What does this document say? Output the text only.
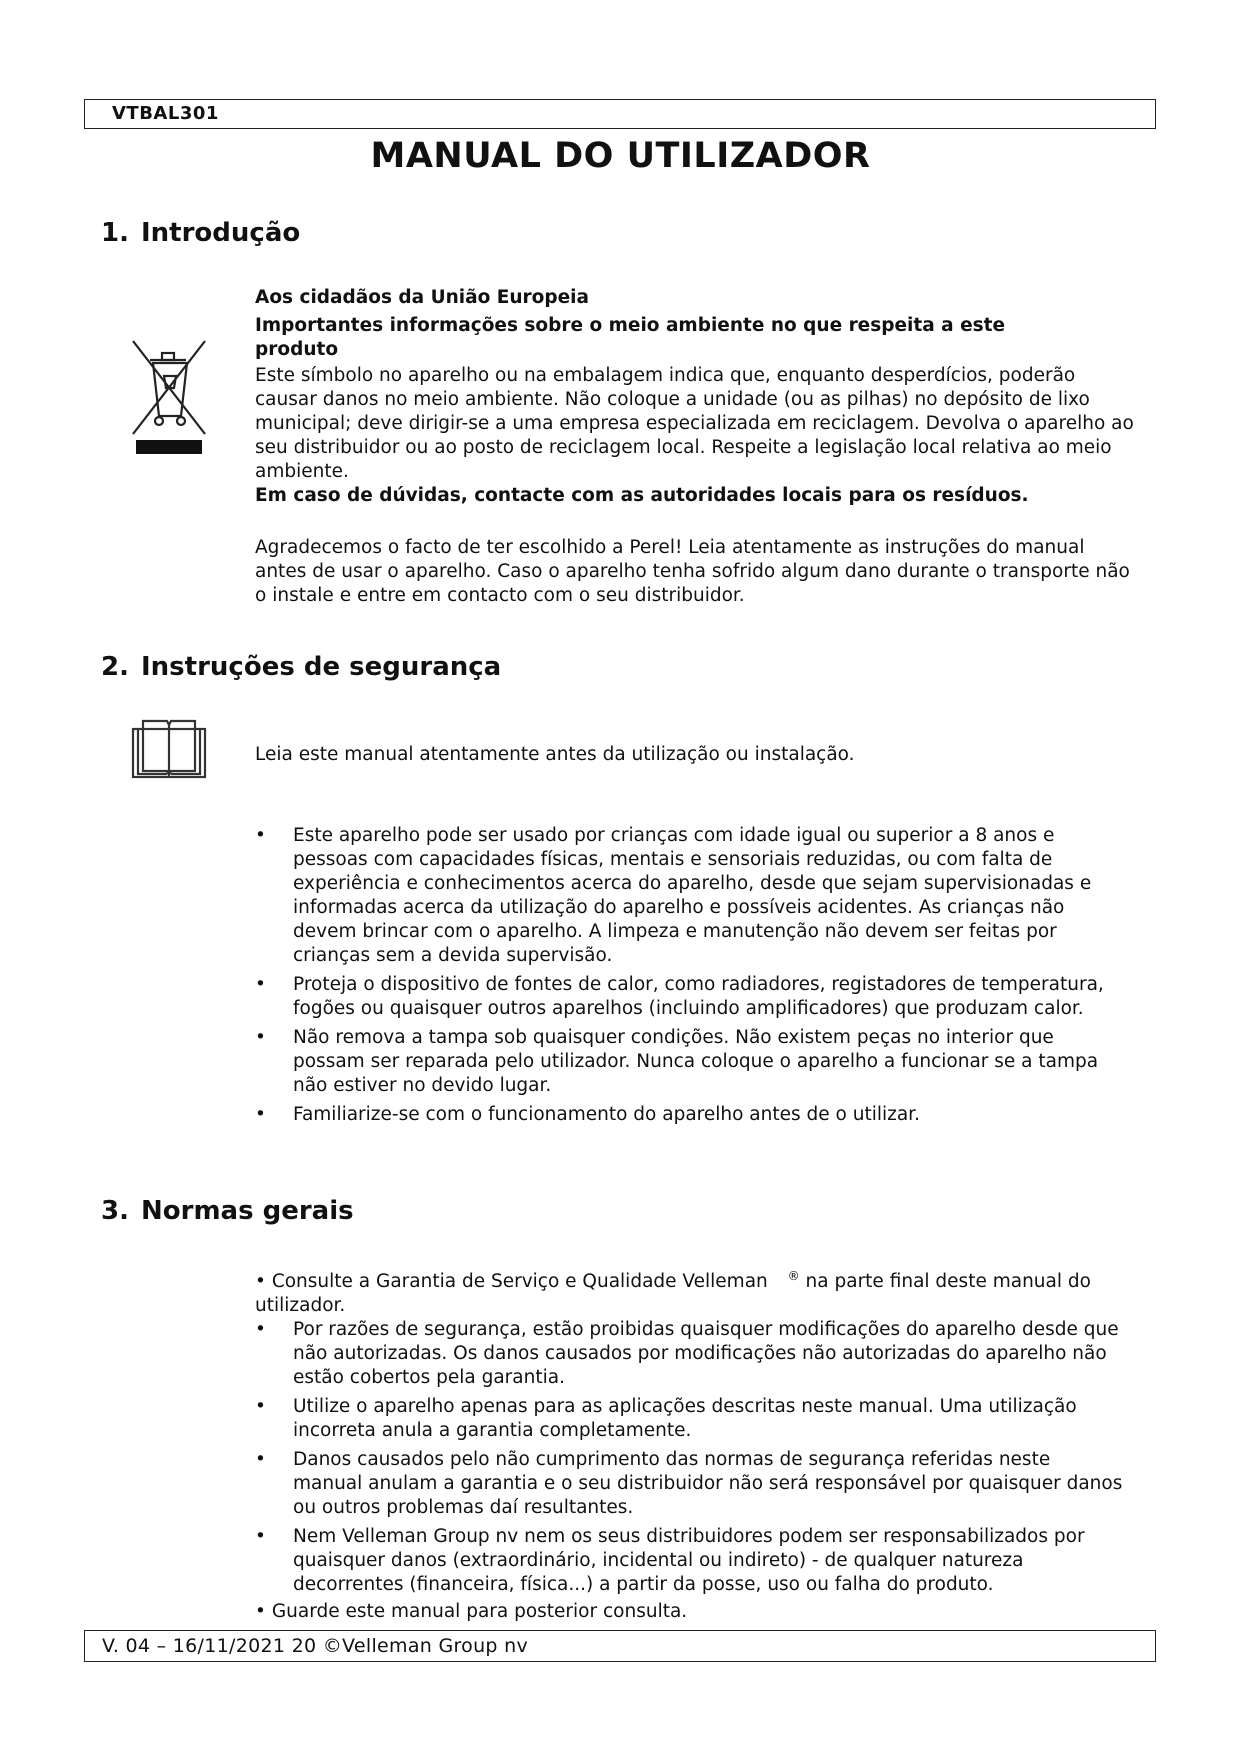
VTBAL301
MANUAL DO UTILIZADOR
1. Introdução

Aos cidadãos da União Europeia

Importantes informações sobre o meio ambiente no que respeita a este produto

Este símbolo no aparelho ou na embalagem indica que, enquanto desperdícios, poderão causar danos no meio ambiente. Não coloque a unidade (ou as pilhas) no depósito de lixo municipal; deve dirigir-se a uma empresa especializada em reciclagem. Devolva o aparelho ao seu distribuidor ou ao posto de reciclagem local. Respeite a legislação local relativa ao meio ambiente.

Em caso de dúvidas, contacte com as autoridades locais para os resíduos.

Agradecemos o facto de ter escolhido a Perel! Leia atentamente as instruções do manual antes de usar o aparelho. Caso o aparelho tenha sofrido algum dano durante o transporte não o instale e entre em contacto com o seu distribuidor.

2. Instruções de segurança

Leia este manual atentamente antes da utilização ou instalação.

• Este aparelho pode ser usado por crianças com idade igual ou superior a 8 anos e pessoas com capacidades físicas, mentais e sensoriais reduzidas, ou com falta de experiência e conhecimentos acerca do aparelho, desde que sejam supervisionadas e informadas acerca da utilização do aparelho e possíveis acidentes. As crianças não devem brincar com o aparelho. A limpeza e manutenção não devem ser feitas por crianças sem a devida supervisão.
• Proteja o dispositivo de fontes de calor, como radiadores, registadores de temperatura, fogões ou quaisquer outros aparelhos (incluindo amplificadores) que produzam calor.
• Não remova a tampa sob quaisquer condições. Não existem peças no interior que possam ser reparada pelo utilizador. Nunca coloque o aparelho a funcionar se a tampa não estiver no devido lugar.
• Familiarize-se com o funcionamento do aparelho antes de o utilizar.
3. Normas gerais
• Consulte a Garantia de Serviço e Qualidade Velleman ® na parte final deste manual do utilizador.
• Por razões de segurança, estão proibidas quaisquer modificações do aparelho desde que não autorizadas. Os danos causados por modificações não autorizadas do aparelho não estão cobertos pela garantia.
• Utilize o aparelho apenas para as aplicações descritas neste manual. Uma utilização incorreta anula a garantia completamente.
• Danos causados pelo não cumprimento das normas de segurança referidas neste manual anulam a garantia e o seu distribuidor não será responsável por quaisquer danos ou outros problemas daí resultantes.
• Nem Velleman Group nv nem os seus distribuidores podem ser responsabilizados por quaisquer danos (extraordinário, incidental ou indireto) - de qualquer natureza decorrentes (financeira, física...) a partir da posse, uso ou falha do produto.
• Guarde este manual para posterior consulta.
V. 04 – 16/11/2021 20 ©Velleman Group nv
